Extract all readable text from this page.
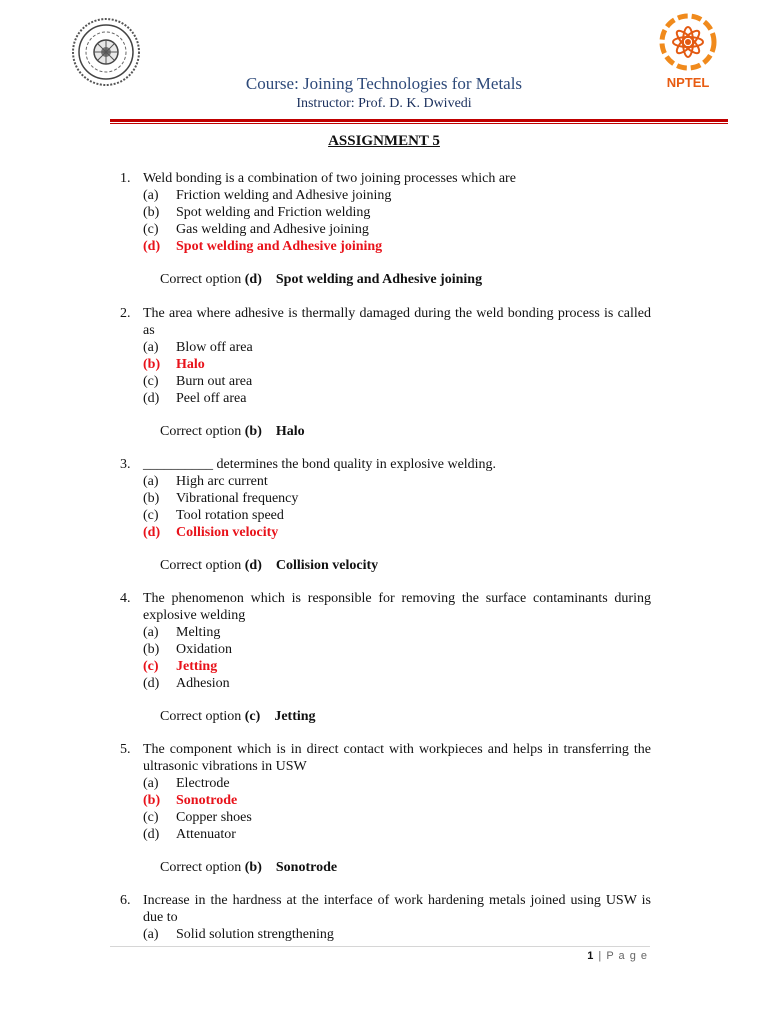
NPTEL
Course: Joining Technologies for Metals
Instructor: Prof. D. K. Dwivedi
ASSIGNMENT 5
1. Weld bonding is a combination of two joining processes which are
(a)	Friction welding and Adhesive joining
(b)	Spot welding and Friction welding
(c)	Gas welding and Adhesive joining
(d)	Spot welding and Adhesive joining
Correct option (d) Spot welding and Adhesive joining
2. The area where adhesive is thermally damaged during the weld bonding process is called as
(a)	Blow off area
(b)	Halo
(c)	Burn out area
(d)	Peel off area
Correct option (b) Halo
3. __________ determines the bond quality in explosive welding.
(a)	High arc current
(b)	Vibrational frequency
(c)	Tool rotation speed
(d)	Collision velocity
Correct option (d) Collision velocity
4. The phenomenon which is responsible for removing the surface contaminants during explosive welding
(a)	Melting
(b)	Oxidation
(c)	Jetting
(d)	Adhesion
Correct option (c) Jetting
5. The component which is in direct contact with workpieces and helps in transferring the ultrasonic vibrations in USW
(a)	Electrode
(b)	Sonotrode
(c)	Copper shoes
(d)	Attenuator
Correct option (b) Sonotrode
6. Increase in the hardness at the interface of work hardening metals joined using USW is due to
(a)	Solid solution strengthening
1 | P a g e
